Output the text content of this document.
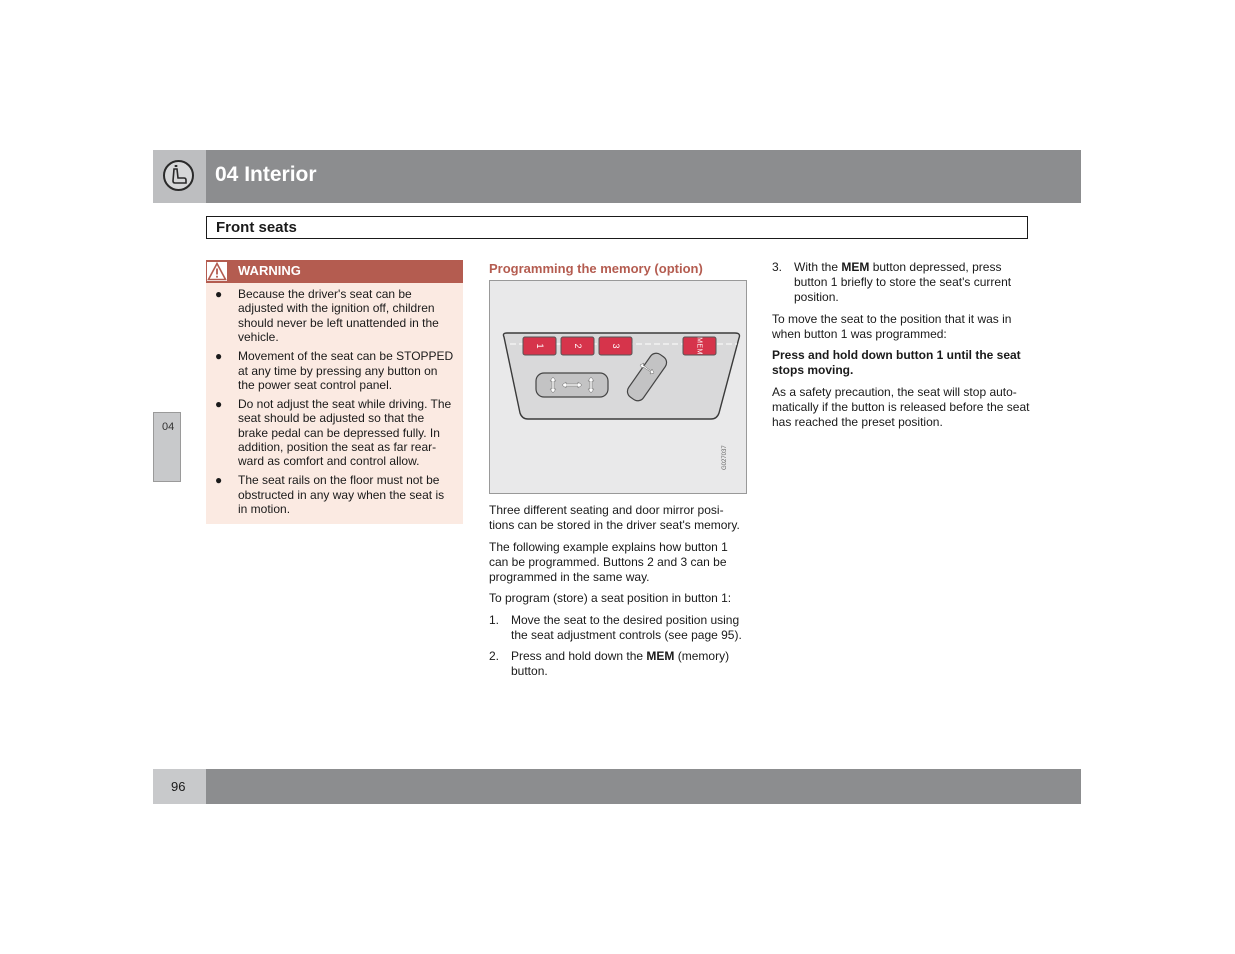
04 Interior
Front seats
04
WARNING
● Because the driver's seat can be adjusted with the ignition off, children should never be left unattended in the vehicle.
● Movement of the seat can be STOPPED at any time by pressing any button on the power seat control panel.
● Do not adjust the seat while driving. The seat should be adjusted so that the brake pedal can be depressed fully. In addition, position the seat as far rear-ward as comfort and control allow.
● The seat rails on the floor must not be obstructed in any way when the seat is in motion.
Programming the memory (option)
1	2	3	MEM
G027037

Three different seating and door mirror posi-tions can be stored in the driver seat's memory.

The following example explains how button 1 can be programmed. Buttons 2 and 3 can be programmed in the same way.

To program (store) a seat position in button 1:

1. Move the seat to the desired position using the seat adjustment controls (see page 95).
2. Press and hold down the MEM (memory) button.
3. With the MEM button depressed, press button 1 briefly to store the seat's current position.

To move the seat to the position that it was in when button 1 was programmed:

Press and hold down button 1 until the seat stops moving.

As a safety precaution, the seat will stop auto-matically if the button is released before the seat has reached the preset position.

96
